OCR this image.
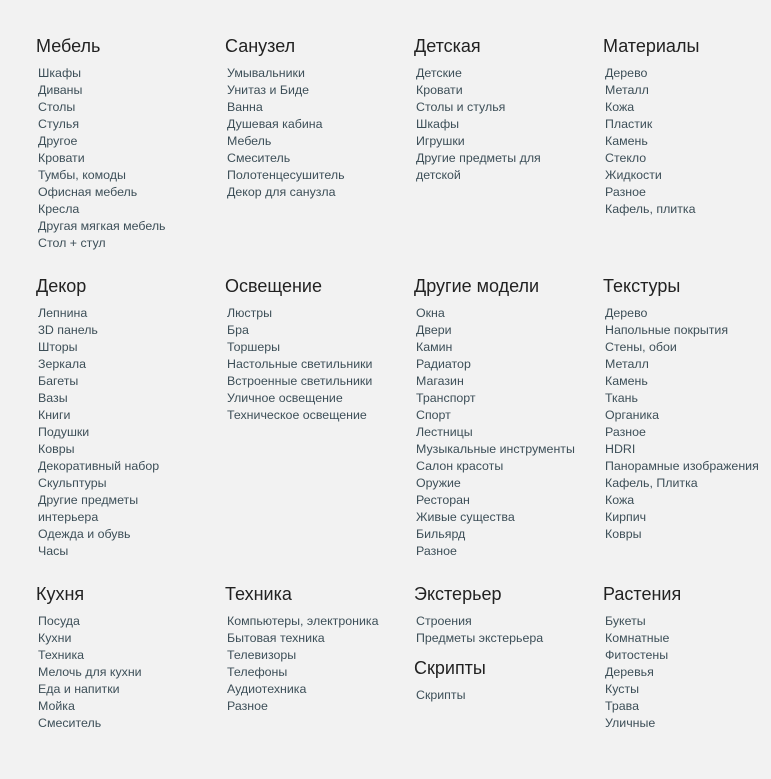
Мебель
Шкафы
Диваны
Столы
Стулья
Другое
Кровати
Тумбы, комоды
Офисная мебель
Кресла
Другая мягкая мебель
Стол + стул
Санузел
Умывальники
Унитаз и Биде
Ванна
Душевая кабина
Мебель
Смеситель
Полотенцесушитель
Декор для санузла
Детская
Детские
Кровати
Столы и стулья
Шкафы
Игрушки
Другие предметы для
детской
Материалы
Дерево
Металл
Кожа
Пластик
Камень
Стекло
Жидкости
Разное
Кафель, плитка
Декор
Лепнина
3D панель
Шторы
Зеркала
Багеты
Вазы
Книги
Подушки
Ковры
Декоративный набор
Скульптуры
Другие предметы
интерьера
Одежда и обувь
Часы
Освещение
Люстры
Бра
Торшеры
Настольные светильники
Встроенные светильники
Уличное освещение
Техническое освещение
Другие модели
Окна
Двери
Камин
Радиатор
Магазин
Транспорт
Спорт
Лестницы
Музыкальные инструменты
Салон красоты
Оружие
Ресторан
Живые существа
Бильярд
Разное
Текстуры
Дерево
Напольные покрытия
Стены, обои
Металл
Камень
Ткань
Органика
Разное
HDRI
Панорамные изображения
Кафель, Плитка
Кожа
Кирпич
Ковры
Кухня
Посуда
Кухни
Техника
Мелочь для кухни
Еда и напитки
Мойка
Смеситель
Техника
Компьютеры, электроника
Бытовая техника
Телевизоры
Телефоны
Аудиотехника
Разное
Экстерьер
Строения
Предметы экстерьера
Скрипты
Скрипты
Растения
Букеты
Комнатные
Фитостены
Деревья
Кусты
Трава
Уличные
